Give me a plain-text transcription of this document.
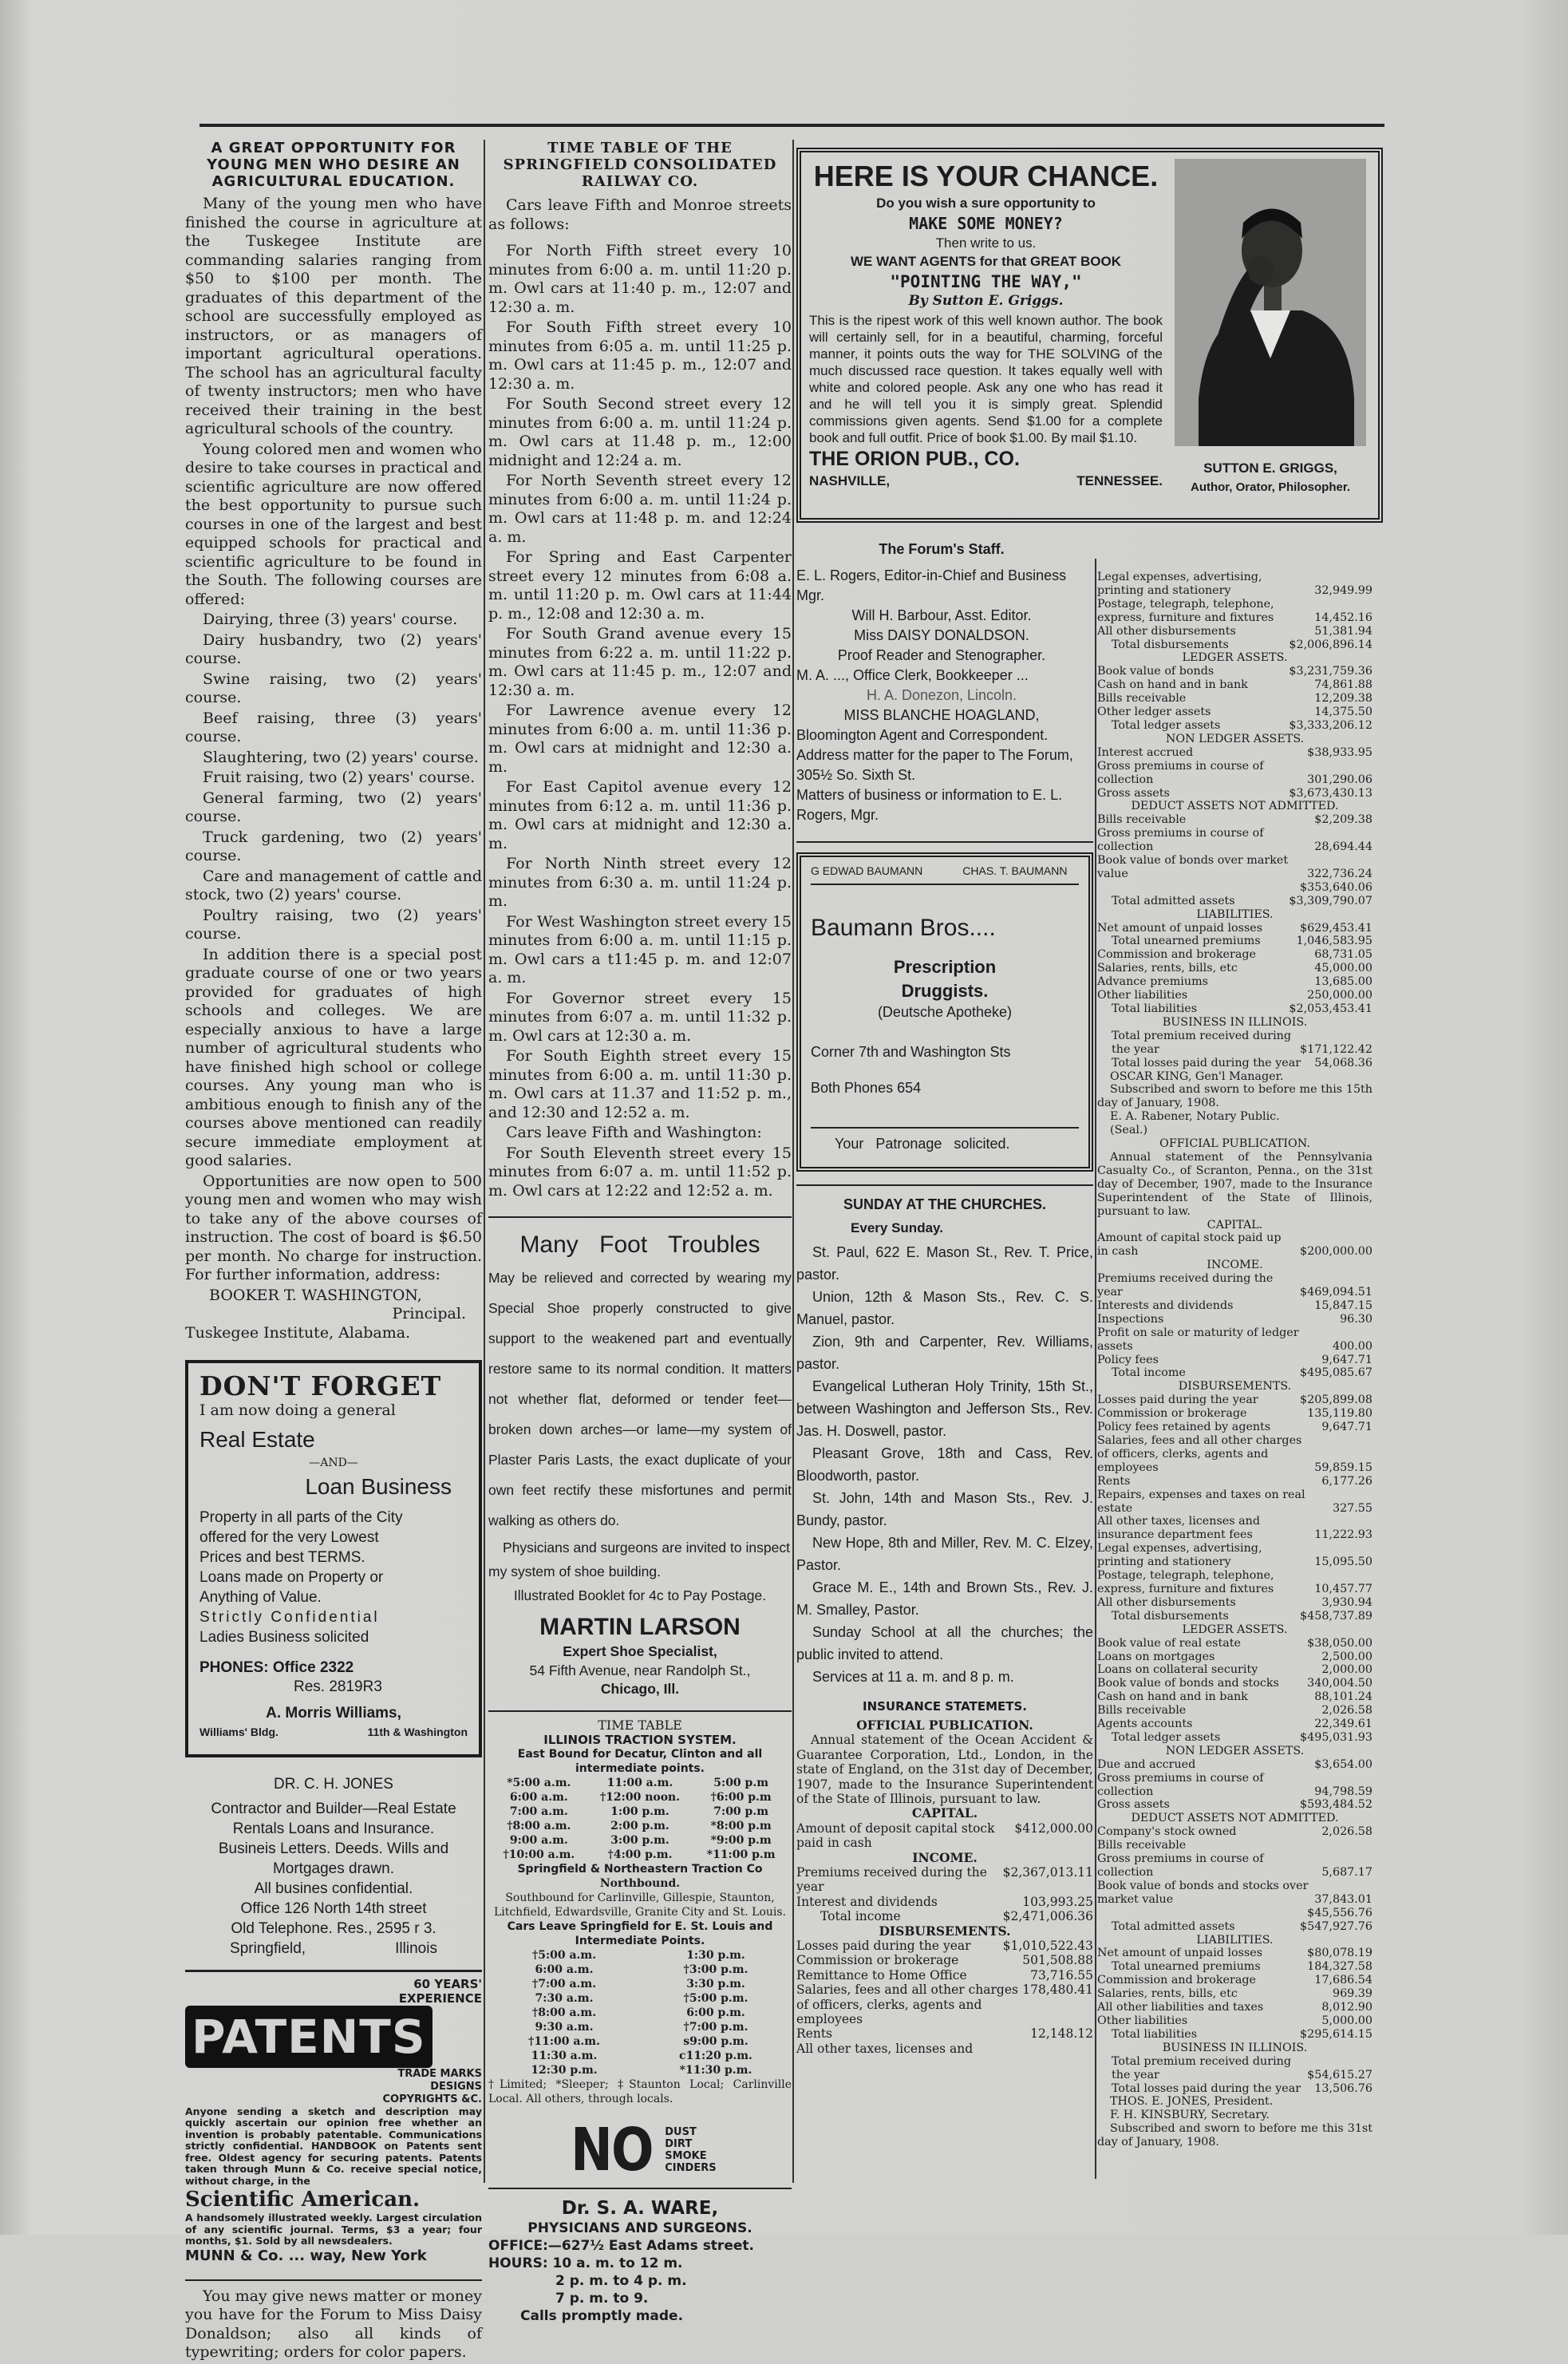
A GREAT OPPORTUNITY FOR YOUNG MEN WHO DESIRE AN AGRICULTURAL EDUCATION.

Many of the young men who have finished the course in agriculture at the Tuskegee Institute are commanding salaries ranging from $50 to $100 per month. The graduates of this department of the school are successfully employed as instructors, or as managers of important agricultural operations. The school has an agricultural faculty of twenty instructors; men who have received their training in the best agricultural schools of the country.

Young colored men and women who desire to take courses in practical and scientific agriculture are now offered the best opportunity to pursue such courses in one of the largest and best equipped schools for practical and scientific agriculture to be found in the South. The following courses are offered:

Dairying, three (3) years' course.

Dairy husbandry, two (2) years' course.

Swine raising, two (2) years' course.

Beef raising, three (3) years' course.

Slaughtering, two (2) years' course.

Fruit raising, two (2) years' course.

General farming, two (2) years' course.

Truck gardening, two (2) years' course.

Care and management of cattle and stock, two (2) years' course.

Poultry raising, two (2) years' course.

In addition there is a special post graduate course of one or two years provided for graduates of high schools and colleges. We are especially anxious to have a large number of agricultural students who have finished high school or college courses. Any young man who is ambitious enough to finish any of the courses above mentioned can readily secure immediate employment at good salaries.

Opportunities are now open to 500 young men and women who may wish to take any of the above courses of instruction. The cost of board is $6.50 per month. No charge for instruction. For further information, address:

BOOKER T. WASHINGTON,
Principal.
Tuskegee Institute, Alabama.
DON'T FORGET
I am now doing a general
Real Estate
—AND—
Loan Business
Property in all parts of the City offered for the very Lowest Prices and best TERMS.
Loans made on Property or Anything of Value.
Strictly Confidential
Ladies Business solicited
PHONES: Office 2322
Res. 2819R3
A. Morris Williams,
Williams' Bldg.	11th & Washington
DR. C. H. JONES
Contractor and Builder—Real Estate Rentals Loans and Insurance.
Busineis Letters. Deeds. Wills and Mortgages drawn.
All busines confidential.
Office 126 North 14th street
Old Telephone. Res., 2595 r 3.
Springfield,	Illinois
60 YEARS'
EXPERIENCE
PATENTS
TRADE MARKS
DESIGNS
COPYRIGHTS &C.
Anyone sending a sketch and description may quickly ascertain our opinion free whether an invention is probably patentable. Communications strictly confidential. HANDBOOK on Patents sent free. Oldest agency for securing patents. Patents taken through Munn & Co. receive special notice, without charge, in the
Scientific American.
A handsomely illustrated weekly. Largest circulation of any scientific journal. Terms, $3 a year; four months, $1. Sold by all newsdealers.
MUNN & Co. ... way, New York

You may give news matter or money you have for the Forum to Miss Daisy Donaldson; also all kinds of typewriting; orders for color papers.

TIME TABLE OF THE SPRINGFIELD CONSOLIDATED RAILWAY CO.

Cars leave Fifth and Monroe streets as follows:

For North Fifth street every 10 minutes from 6:00 a. m. until 11:20 p. m. Owl cars at 11:40 p. m., 12:07 and 12:30 a. m.

For South Fifth street every 10 minutes from 6:05 a. m. until 11:25 p. m. Owl cars at 11:45 p. m., 12:07 and 12:30 a. m.

For South Second street every 12 minutes from 6:00 a. m. until 11:24 p. m. Owl cars at 11.48 p. m., 12:00 midnight and 12:24 a. m.

For North Seventh street every 12 minutes from 6:00 a. m. until 11:24 p. m. Owl cars at 11:48 p. m. and 12:24 a. m.

For Spring and East Carpenter street every 12 minutes from 6:08 a. m. until 11:20 p. m. Owl cars at 11:44 p. m., 12:08 and 12:30 a. m.

For South Grand avenue every 15 minutes from 6:22 a. m. until 11:22 p. m. Owl cars at 11:45 p. m., 12:07 and 12:30 a. m.

For Lawrence avenue every 12 minutes from 6:00 a. m. until 11:36 p. m. Owl cars at midnight and 12:30 a. m.

For East Capitol avenue every 12 minutes from 6:12 a. m. until 11:36 p. m. Owl cars at midnight and 12:30 a. m.

For North Ninth street every 12 minutes from 6:30 a. m. until 11:24 p. m.

For West Washington street every 15 minutes from 6:00 a. m. until 11:15 p. m. Owl cars a t11:45 p. m. and 12:07 a. m.

For Governor street every 15 minutes from 6:07 a. m. until 11:32 p. m. Owl cars at 12:30 a. m.

For South Eighth street every 15 minutes from 6:00 a. m. until 11:30 p. m. Owl cars at 11.37 and 11:52 p. m., and 12:30 and 12:52 a. m.

Cars leave Fifth and Washington:

For South Eleventh street every 15 minutes from 6:07 a. m. until 11:52 p. m. Owl cars at 12:22 and 12:52 a. m.

Many Foot Troubles
May be relieved and corrected by wearing my Special Shoe properly constructed to give support to the weakened part and eventually restore same to its normal condition. It matters not whether flat, deformed or tender feet—broken down arches—or lame—my system of Plaster Paris Lasts, the exact duplicate of your own feet rectify these misfortunes and permit walking as others do.
Physicians and surgeons are invited to inspect my system of shoe building.
Illustrated Booklet for 4c to Pay Postage.
MARTIN LARSON
Expert Shoe Specialist,
54 Fifth Avenue, near Randolph St.,
Chicago, Ill.
TIME TABLE
ILLINOIS TRACTION SYSTEM.
East Bound for Decatur, Clinton and all intermediate points.
*5:00 a.m.	11:00 a.m.	5:00 p.m
6:00 a.m.	†12:00 noon.	†6:00 p.m
7:00 a.m.	1:00 p.m.	7:00 p.m
†8:00 a.m.	2:00 p.m.	*8:00 p.m
9:00 a.m.	3:00 p.m.	*9:00 p.m
†10:00 a.m.	†4:00 p.m.	*11:00 p.m
Springfield & Northeastern Traction Co
Northbound.
Southbound for Carlinville, Gillespie, Staunton, Litchfield, Edwardsville, Granite City and St. Louis.
Cars Leave Springfield for E. St. Louis and Intermediate Points.
†5:00 a.m.	1:30 p.m.
6:00 a.m.	†3:00 p.m.
†7:00 a.m.	3:30 p.m.
7:30 a.m.	†5:00 p.m.
†8:00 a.m.	6:00 p.m.
9:30 a.m.	†7:00 p.m.
†11:00 a.m.	s9:00 p.m.
11:30 a.m.	c11:20 p.m.
12:30 p.m.	*11:30 p.m.
†Limited; *Sleeper; ‡Staunton Local; Carlinville Local. All others, through locals.
NO DUST
DIRT
SMOKE
CINDERS
Dr. S. A. WARE,
PHYSICIANS AND SURGEONS.
OFFICE:—627½ East Adams street.
HOURS: 10 a. m. to 12 m.
2 p. m. to 4 p. m.
7 p. m. to 9.
Calls promptly made.
HERE IS YOUR CHANCE.
Do you wish a sure opportunity to
MAKE SOME MONEY?
Then write to us.
WE WANT AGENTS for that GREAT BOOK
"POINTING THE WAY,"
By Sutton E. Griggs.
This is the ripest work of this well known author. The book will certainly sell, for in a beautiful, charming, forceful manner, it points outs the way for THE SOLVING of the much discussed race question. It takes equally well with white and colored people. Ask any one who has read it and he will tell you it is simply great. Splendid commissions given agents. Send $1.00 for a complete book and full outfit. Price of book $1.00. By mail $1.10.
THE ORION PUB., CO.
NASHVILLE,	TENNESSEE.
SUTTON E. GRIGGS,
Author, Orator, Philosopher.
The Forum's Staff.
E. L. Rogers, Editor-in-Chief and Business Mgr.
Will H. Barbour, Asst. Editor.
Miss DAISY DONALDSON.
Proof Reader and Stenographer.
M. A. ..., Office Clerk, Bookkeeper ...
H. A. Donezon, Lincoln.
MISS BLANCHE HOAGLAND,
Bloomington Agent and Correspondent.
Address matter for the paper to The Forum, 305½ So. Sixth St.
Matters of business or information to E. L. Rogers, Mgr.
G EDWAD BAUMANN	CHAS. T. BAUMANN
Baumann Bros....
Prescription
Druggists.
(Deutsche Apotheke)
Corner 7th and Washington Sts
Both Phones 654
Your Patronage solicited.
SUNDAY AT THE CHURCHES.
Every Sunday.
St. Paul, 622 E. Mason St., Rev. T. Price, pastor.
Union, 12th & Mason Sts., Rev. C. S. Manuel, pastor.
Zion, 9th and Carpenter, Rev. Williams, pastor.
Evangelical Lutheran Holy Trinity, 15th St., between Washington and Jefferson Sts., Rev. Jas. H. Doswell, pastor.
Pleasant Grove, 18th and Cass, Rev. Bloodworth, pastor.
St. John, 14th and Mason Sts., Rev. J. Bundy, pastor.
New Hope, 8th and Miller, Rev. M. C. Elzey, Pastor.
Grace M. E., 14th and Brown Sts., Rev. J. M. Smalley, Pastor.
Sunday School at all the churches; the public invited to attend.
Services at 11 a. m. and 8 p. m.
INSURANCE STATEMETS.
OFFICIAL PUBLICATION.
Annual statement of the Ocean Accident & Guarantee Corporation, Ltd., London, in the state of England, on the 31st day of December, 1907, made to the Insurance Superintendent of the State of Illinois, pursuant to law.
CAPITAL.
Amount of deposit capital stock paid in cash
$412,000.00
INCOME.
Premiums received during the year
$2,367,013.11
Interest and dividends	103,993.25
Total income	$2,471,006.36
DISBURSEMENTS.
Losses paid during the year	$1,010,522.43
Commission or brokerage	501,508.88
Remittance to Home Office	73,716.55
Salaries, fees and all other charges of officers, clerks, agents and employees
178,480.41
Rents	12,148.12
All other taxes, licenses and
Legal expenses, advertising, printing and stationery	32,949.99
Postage, telegraph, telephone, express, furniture and fixtures	14,452.16
All other disbursements	51,381.94
Total disbursements	$2,006,896.14
LEDGER ASSETS.
Book value of bonds	$3,231,759.36
Cash on hand and in bank	74,861.88
Bills receivable	12,209.38
Other ledger assets	14,375.50
Total ledger assets	$3,333,206.12
NON LEDGER ASSETS.
Interest accrued	$38,933.95
Gross premiums in course of collection	301,290.06
Gross assets	$3,673,430.13
DEDUCT ASSETS NOT ADMITTED.
Bills receivable	$2,209.38
Gross premiums in course of collection	28,694.44
Book value of bonds over market value	322,736.24
$353,640.06
Total admitted assets	$3,309,790.07
LIABILITIES.
Net amount of unpaid losses	$629,453.41
Total unearned premiums	1,046,583.95
Commission and brokerage	68,731.05
Salaries, rents, bills, etc	45,000.00
Advance premiums	13,685.00
Other liabilities	250,000.00
Total liabilities	$2,053,453.41
BUSINESS IN ILLINOIS.
Total premium received during the year	$171,122.42
Total losses paid during the year	54,068.36
OSCAR KING, Gen'l Manager.
Subscribed and sworn to before me this 15th day of January, 1908.
E. A. Rabener, Notary Public.
(Seal.)
OFFICIAL PUBLICATION.
Annual statement of the Pennsylvania Casualty Co., of Scranton, Penna., on the 31st day of December, 1907, made to the Insurance Superintendent of the State of Illinois, pursuant to law.
CAPITAL.
Amount of capital stock paid up in cash	$200,000.00
INCOME.
Premiums received during the year	$469,094.51
Interests and dividends	15,847.15
Inspections	96.30
Profit on sale or maturity of ledger assets	400.00
Policy fees	9,647.71
Total income	$495,085.67
DISBURSEMENTS.
Losses paid during the year	$205,899.08
Commission or brokerage	135,119.80
Policy fees retained by agents	9,647.71
Salaries, fees and all other charges of officers, clerks, agents and employees	59,859.15
Rents	6,177.26
Repairs, expenses and taxes on real estate	327.55
All other taxes, licenses and insurance department fees	11,222.93
Legal expenses, advertising, printing and stationery	15,095.50
Postage, telegraph, telephone, express, furniture and fixtures	10,457.77
All other disbursements	3,930.94
Total disbursements	$458,737.89
LEDGER ASSETS.
Book value of real estate	$38,050.00
Loans on mortgages	2,500.00
Loans on collateral security	2,000.00
Book value of bonds and stocks	340,004.50
Cash on hand and in bank	88,101.24
Bills receivable	2,026.58
Agents accounts	22,349.61
Total ledger assets	$495,031.93
NON LEDGER ASSETS.
Due and accrued	$3,654.00
Gross premiums in course of collection	94,798.59
Gross assets	$593,484.52
DEDUCT ASSETS NOT ADMITTED.
Company's stock owned	2,026.58
Bills receivable
Gross premiums in course of collection	5,687.17
Book value of bonds and stocks over market value	37,843.01
$45,556.76
Total admitted assets	$547,927.76
LIABILITIES.
Net amount of unpaid losses	$80,078.19
Total unearned premiums	184,327.58
Commission and brokerage	17,686.54
Salaries, rents, bills, etc	969.39
All other liabilities and taxes	8,012.90
Other liabilities	5,000.00
Total liabilities	$295,614.15
BUSINESS IN ILLINOIS.
Total premium received during the year	$54,615.27
Total losses paid during the year	13,506.76
THOS. E. JONES, President.
F. H. KINSBURY, Secretary.
Subscribed and sworn to before me this 31st day of January, 1908.
